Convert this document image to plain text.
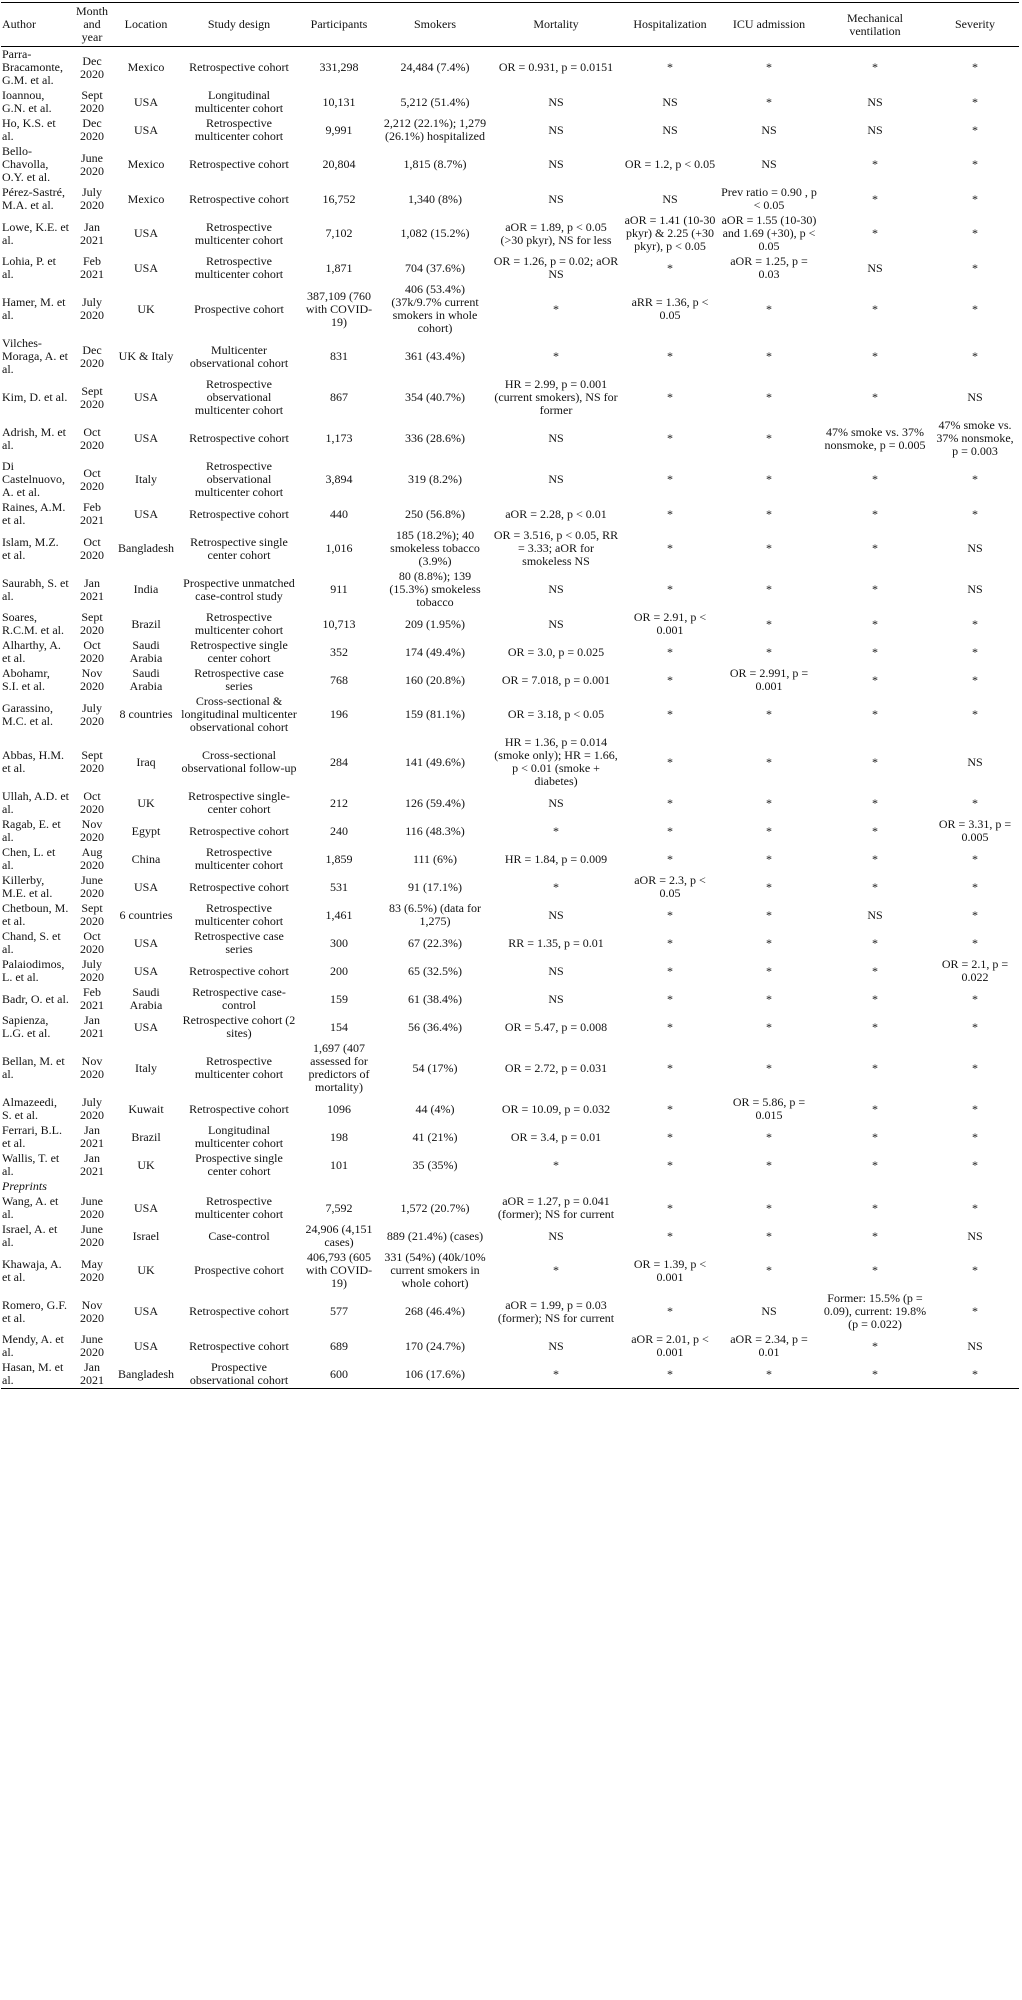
Author	Month and year	Location	Study design	Participants	Smokers	Mortality	Hospitalization	ICU admission	Mechanical ventilation	Severity
Parra-Bracamonte, G.M. et al.	Dec 2020	Mexico	Retrospective cohort	331,298	24,484 (7.4%)	OR = 0.931, p = 0.0151	*	*	*	*
Ioannou, G.N. et al.	Sept 2020	USA	Longitudinal multicenter cohort	10,131	5,212 (51.4%)	NS	NS	*	NS	*
Ho, K.S. et al.	Dec 2020	USA	Retrospective multicenter cohort	9,991	2,212 (22.1%); 1,279 (26.1%) hospitalized	NS	NS	NS	NS	*
Bello-Chavolla, O.Y. et al.	June 2020	Mexico	Retrospective cohort	20,804	1,815 (8.7%)	NS	OR = 1.2, p < 0.05	NS	*	*
Pérez-Sastré, M.A. et al.	July 2020	Mexico	Retrospective cohort	16,752	1,340 (8%)	NS	NS	Prev ratio = 0.90 , p < 0.05	*	*
Lowe, K.E. et al.	Jan 2021	USA	Retrospective multicenter cohort	7,102	1,082 (15.2%)	aOR = 1.89, p < 0.05 (>30 pkyr), NS for less	aOR = 1.41 (10-30 pkyr) & 2.25 (+30 pkyr), p < 0.05	aOR = 1.55 (10-30) and 1.69 (+30), p < 0.05	*	*
Lohia, P. et al.	Feb 2021	USA	Retrospective multicenter cohort	1,871	704 (37.6%)	OR = 1.26, p = 0.02; aOR NS	*	aOR = 1.25, p = 0.03	NS	*
Hamer, M. et al.	July 2020	UK	Prospective cohort	387,109 (760 with COVID-19)	406 (53.4%) (37k/9.7% current smokers in whole cohort)	*	aRR = 1.36, p < 0.05	*	*	*
Vilches-Moraga, A. et al.	Dec 2020	UK & Italy	Multicenter observational cohort	831	361 (43.4%)	*	*	*	*	*
Kim, D. et al.	Sept 2020	USA	Retrospective observational multicenter cohort	867	354 (40.7%)	HR = 2.99, p = 0.001 (current smokers), NS for former	*	*	*	NS
Adrish, M. et al.	Oct 2020	USA	Retrospective cohort	1,173	336 (28.6%)	NS	*	*	47% smoke vs. 37% nonsmoke, p = 0.005	47% smoke vs. 37% nonsmoke, p = 0.003
Di Castelnuovo, A. et al.	Oct 2020	Italy	Retrospective observational multicenter cohort	3,894	319 (8.2%)	NS	*	*	*	*
Raines, A.M. et al.	Feb 2021	USA	Retrospective cohort	440	250 (56.8%)	aOR = 2.28, p < 0.01	*	*	*	*
Islam, M.Z. et al.	Oct 2020	Bangladesh	Retrospective single center cohort	1,016	185 (18.2%); 40 smokeless tobacco (3.9%)	OR = 3.516, p < 0.05, RR = 3.33; aOR for smokeless NS	*	*	*	NS
Saurabh, S. et al.	Jan 2021	India	Prospective unmatched case-control study	911	80 (8.8%); 139 (15.3%) smokeless tobacco	NS	*	*	*	NS
Soares, R.C.M. et al.	Sept 2020	Brazil	Retrospective multicenter cohort	10,713	209 (1.95%)	NS	OR = 2.91, p < 0.001	*	*	*
Alharthy, A. et al.	Oct 2020	Saudi Arabia	Retrospective single center cohort	352	174 (49.4%)	OR = 3.0, p = 0.025	*	*	*	*
Abohamr, S.I. et al.	Nov 2020	Saudi Arabia	Retrospective case series	768	160 (20.8%)	OR = 7.018, p = 0.001	*	OR = 2.991, p = 0.001	*	*
Garassino, M.C. et al.	July 2020	8 countries	Cross-sectional & longitudinal multicenter observational cohort	196	159 (81.1%)	OR = 3.18, p < 0.05	*	*	*	*
Abbas, H.M. et al.	Sept 2020	Iraq	Cross-sectional observational follow-up	284	141 (49.6%)	HR = 1.36, p = 0.014 (smoke only); HR = 1.66, p < 0.01 (smoke + diabetes)	*	*	*	NS
Ullah, A.D. et al.	Oct 2020	UK	Retrospective single-center cohort	212	126 (59.4%)	NS	*	*	*	*
Ragab, E. et al.	Nov 2020	Egypt	Retrospective cohort	240	116 (48.3%)	*	*	*	*	OR = 3.31, p = 0.005
Chen, L. et al.	Aug 2020	China	Retrospective multicenter cohort	1,859	111 (6%)	HR = 1.84, p = 0.009	*	*	*	*
Killerby, M.E. et al.	June 2020	USA	Retrospective cohort	531	91 (17.1%)	*	aOR = 2.3, p < 0.05	*	*	*
Chetboun, M. et al.	Sept 2020	6 countries	Retrospective multicenter cohort	1,461	83 (6.5%) (data for 1,275)	NS	*	*	NS	*
Chand, S. et al.	Oct 2020	USA	Retrospective case series	300	67 (22.3%)	RR = 1.35, p = 0.01	*	*	*	*
Palaiodimos, L. et al.	July 2020	USA	Retrospective cohort	200	65 (32.5%)	NS	*	*	*	OR = 2.1, p = 0.022
Badr, O. et al.	Feb 2021	Saudi Arabia	Retrospective case-control	159	61 (38.4%)	NS	*	*	*	*
Sapienza, L.G. et al.	Jan 2021	USA	Retrospective cohort (2 sites)	154	56 (36.4%)	OR = 5.47, p = 0.008	*	*	*	*
Bellan, M. et al.	Nov 2020	Italy	Retrospective multicenter cohort	1,697 (407 assessed for predictors of mortality)	54 (17%)	OR = 2.72, p = 0.031	*	*	*	*
Almazeedi, S. et al.	July 2020	Kuwait	Retrospective cohort	1096	44 (4%)	OR = 10.09, p = 0.032	*	OR = 5.86, p = 0.015	*	*
Ferrari, B.L. et al.	Jan 2021	Brazil	Longitudinal multicenter cohort	198	41 (21%)	OR = 3.4, p = 0.01	*	*	*	*
Wallis, T. et al.	Jan 2021	UK	Prospective single center cohort	101	35 (35%)	*	*	*	*	*
Preprints										
Wang, A. et al.	June 2020	USA	Retrospective multicenter cohort	7,592	1,572 (20.7%)	aOR = 1.27, p = 0.041 (former); NS for current	*	*	*	*
Israel, A. et al.	June 2020	Israel	Case-control	24,906 (4,151 cases)	889 (21.4%) (cases)	NS	*	*	*	NS
Khawaja, A. et al.	May 2020	UK	Prospective cohort	406,793 (605 with COVID-19)	331 (54%) (40k/10% current smokers in whole cohort)	*	OR = 1.39, p < 0.001	*	*	*
Romero, G.F. et al.	Nov 2020	USA	Retrospective cohort	577	268 (46.4%)	aOR = 1.99, p = 0.03 (former); NS for current	*	NS	Former: 15.5% (p = 0.09), current: 19.8% (p = 0.022)	*
Mendy, A. et al.	June 2020	USA	Retrospective cohort	689	170 (24.7%)	NS	aOR = 2.01, p < 0.001	aOR = 2.34, p = 0.01	*	NS
Hasan, M. et al.	Jan 2021	Bangladesh	Prospective observational cohort	600	106 (17.6%)	*	*	*	*	*
